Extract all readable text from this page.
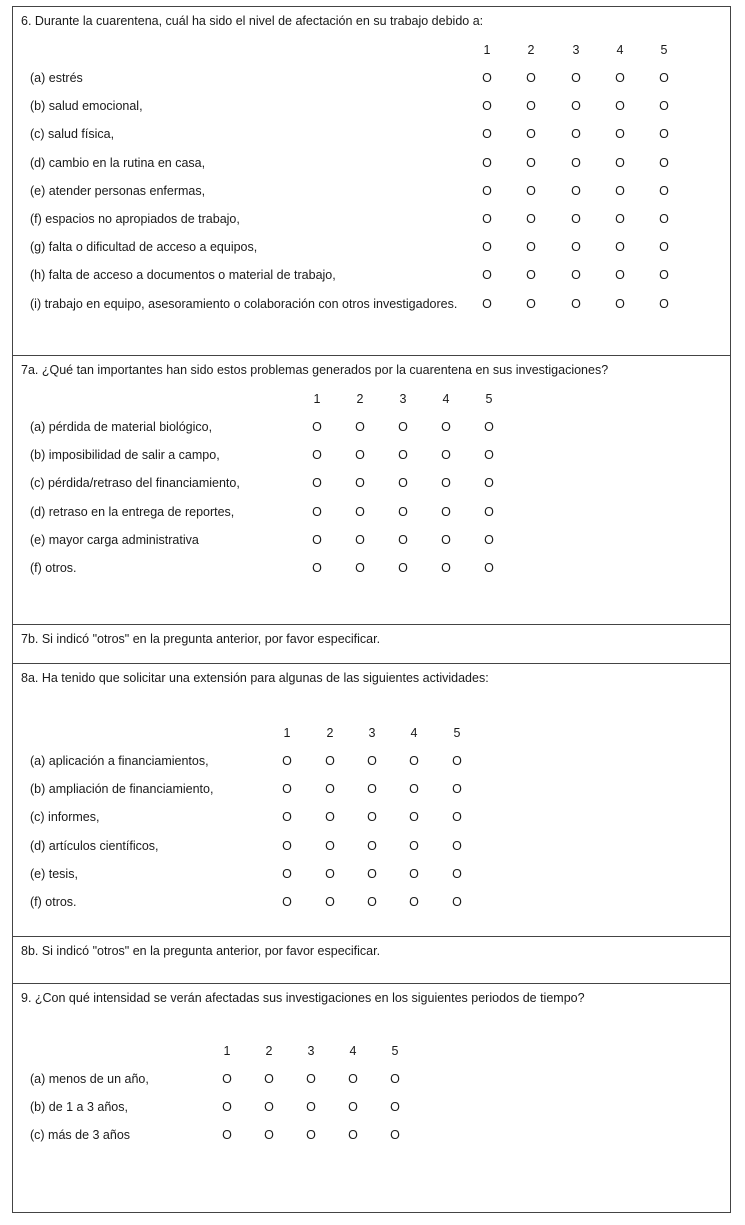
6. Durante la cuarentena, cuál ha sido el nivel de afectación en su trabajo debido a:
1	2	3	4	5
(a) estrés	O	O	O	O	O
(b) salud emocional,	O	O	O	O	O
(c) salud física,	O	O	O	O	O
(d) cambio en la rutina en casa,	O	O	O	O	O
(e) atender personas enfermas,	O	O	O	O	O
(f) espacios no apropiados de trabajo,	O	O	O	O	O
(g) falta o dificultad de acceso a equipos,	O	O	O	O	O
(h) falta de acceso a documentos o material de trabajo,	O	O	O	O	O
(i) trabajo en equipo, asesoramiento o colaboración con otros investigadores. O	O	O	O	O
7a. ¿Qué tan importantes han sido estos problemas generados por la cuarentena en sus investigaciones?
1	2	3	4	5
(a) pérdida de material biológico,	O	O	O	O	O
(b) imposibilidad de salir a campo,	O	O	O	O	O
(c) pérdida/retraso del financiamiento,	O	O	O	O	O
(d) retraso en la entrega de reportes,	O	O	O	O	O
(e) mayor carga administrativa	O	O	O	O	O
(f) otros.	O	O	O	O	O
7b. Si indicó "otros" en la pregunta anterior, por favor especificar.
8a. Ha tenido que solicitar una extensión para algunas de las siguientes actividades:
1	2	3	4	5
(a) aplicación a financiamientos,	O	O	O	O	O
(b) ampliación de financiamiento,	O	O	O	O	O
(c) informes,	O	O	O	O	O
(d) artículos científicos,	O	O	O	O	O
(e) tesis,	O	O	O	O	O
(f) otros.	O	O	O	O	O
8b. Si indicó "otros" en la pregunta anterior, por favor especificar.
9. ¿Con qué intensidad se verán afectadas sus investigaciones en los siguientes periodos de tiempo?
1	2	3	4	5
(a) menos de un año,	O	O	O	O	O
(b) de 1 a 3 años,	O	O	O	O	O
(c) más de 3 años	O	O	O	O	O
